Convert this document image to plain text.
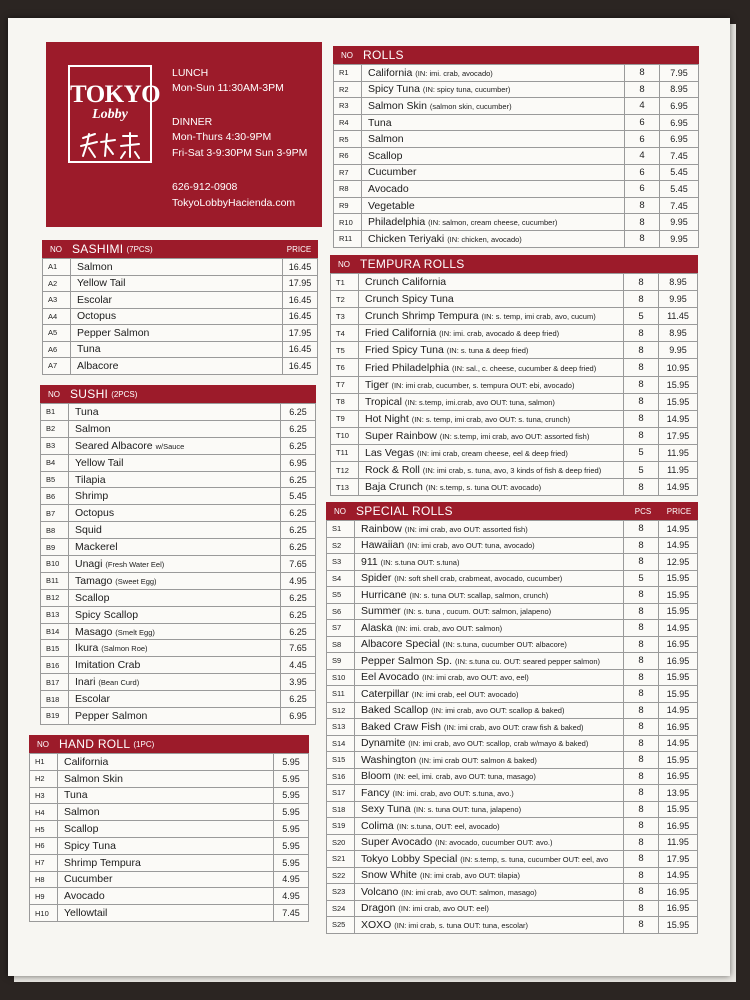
TOKYO
Lobby
LUNCH
Mon-Sun 11:30AM-3PM
DINNER
Mon-Thurs 4:30-9PM
Fri-Sat 3-9:30PM Sun 3-9PM
626-912-0908
TokyoLobbyHacienda.com
NO SASHIMI (7PCS)	PRICE
A1	Salmon	16.45
A2	Yellow Tail	17.95
A3	Escolar	16.45
A4	Octopus	16.45
A5	Pepper Salmon	17.95
A6	Tuna	16.45
A7	Albacore	16.45
NO SUSHI (2PCS)
B1	Tuna	6.25
B2	Salmon	6.25
B3	Seared Albacore w/Sauce	6.25
B4	Yellow Tail	6.95
B5	Tilapia	6.25
B6	Shrimp	5.45
B7	Octopus	6.25
B8	Squid	6.25
B9	Mackerel	6.25
B10	Unagi (Fresh Water Eel)	7.65
B11	Tamago (Sweet Egg)	4.95
B12	Scallop	6.25
B13	Spicy Scallop	6.25
B14	Masago (Smelt Egg)	6.25
B15	Ikura (Salmon Roe)	7.65
B16	Imitation Crab	4.45
B17	Inari (Bean Curd)	3.95
B18	Escolar	6.25
B19	Pepper Salmon	6.95
NO HAND ROLL (1PC)
H1	California	5.95
H2	Salmon Skin	5.95
H3	Tuna	5.95
H4	Salmon	5.95
H5	Scallop	5.95
H6	Spicy Tuna	5.95
H7	Shrimp Tempura	5.95
H8	Cucumber	4.95
H9	Avocado	4.95
H10	Yellowtail	7.45
NO ROLLS
R1	California (IN: imi. crab, avocado)	8	7.95
R2	Spicy Tuna (IN: spicy tuna, cucumber)	8	8.95
R3	Salmon Skin (salmon skin, cucumber)	4	6.95
R4	Tuna	6	6.95
R5	Salmon	6	6.95
R6	Scallop	4	7.45
R7	Cucumber	6	5.45
R8	Avocado	6	5.45
R9	Vegetable	8	7.45
R10	Philadelphia (IN: salmon, cream cheese, cucumber)	8	9.95
R11	Chicken Teriyaki (IN: chicken, avocado)	8	9.95
NO TEMPURA ROLLS
T1	Crunch California	8	8.95
T2	Crunch Spicy Tuna	8	9.95
T3	Crunch Shrimp Tempura (IN: s. temp, imi crab, avo, cucum)	5	11.45
T4	Fried California (IN: imi. crab, avocado & deep fried)	8	8.95
T5	Fried Spicy Tuna (IN: s. tuna & deep fried)	8	9.95
T6	Fried Philadelphia (IN: sal., c. cheese, cucumber & deep fried)	8	10.95
T7	Tiger (IN: imi crab, cucumber, s. tempura OUT: ebi, avocado)	8	15.95
T8	Tropical (IN: s.temp, imi.crab, avo OUT: tuna, salmon)	8	15.95
T9	Hot Night (IN: s. temp, imi crab, avo OUT: s. tuna, crunch)	8	14.95
T10	Super Rainbow (IN: s.temp, imi crab, avo OUT: assorted fish)	8	17.95
T11	Las Vegas (IN: imi crab, cream cheese, eel & deep fried)	5	11.95
T12	Rock & Roll (IN: imi crab, s. tuna, avo, 3 kinds of fish & deep fried)	5	11.95
T13	Baja Crunch (IN: s.temp, s. tuna OUT: avocado)	8	14.95
NO SPECIAL ROLLS	PCS	PRICE
S1	Rainbow (IN: imi crab, avo OUT: assorted fish)	8	14.95
S2	Hawaiian (IN: imi crab, avo OUT: tuna, avocado)	8	14.95
S3	911 (IN: s.tuna OUT: s.tuna)	8	12.95
S4	Spider (IN: soft shell crab, crabmeat, avocado, cucumber)	5	15.95
S5	Hurricane (IN: s. tuna OUT: scallap, salmon, crunch)	8	15.95
S6	Summer (IN: s. tuna , cucum. OUT: salmon, jalapeno)	8	15.95
S7	Alaska (IN: imi. crab, avo OUT: salmon)	8	14.95
S8	Albacore Special (IN: s.tuna, cucumber OUT: albacore)	8	16.95
S9	Pepper Salmon Sp. (IN: s.tuna cu. OUT: seared pepper salmon)	8	16.95
S10	Eel Avocado (IN: imi crab, avo OUT: avo, eel)	8	15.95
S11	Caterpillar (IN: imi crab, eel OUT: avocado)	8	15.95
S12	Baked Scallop (IN: imi crab, avo OUT: scallop & baked)	8	14.95
S13	Baked Craw Fish (IN: imi crab, avo OUT: craw fish & baked)	8	16.95
S14	Dynamite (IN: imi crab, avo OUT: scallop, crab w/mayo & baked)	8	14.95
S15	Washington (IN: imi crab OUT: salmon & baked)	8	15.95
S16	Bloom (IN: eel, imi. crab, avo OUT: tuna, masago)	8	16.95
S17	Fancy (IN: imi. crab, avo OUT: s.tuna, avo.)	8	13.95
S18	Sexy Tuna (IN: s. tuna OUT: tuna, jalapeno)	8	15.95
S19	Colima (IN: s.tuna, OUT: eel, avocado)	8	16.95
S20	Super Avocado (IN: avocado, cucumber OUT: avo.)	8	11.95
S21	Tokyo Lobby Special (IN: s.temp, s. tuna, cucumber OUT: eel, avo	8	17.95
S22	Snow White (IN: imi crab, avo OUT: tilapia)	8	14.95
S23	Volcano (IN: imi crab, avo OUT: salmon, masago)	8	16.95
S24	Dragon (IN: imi crab, avo OUT: eel)	8	16.95
S25	XOXO (IN: imi crab, s. tuna OUT: tuna, escolar)	8	15.95
